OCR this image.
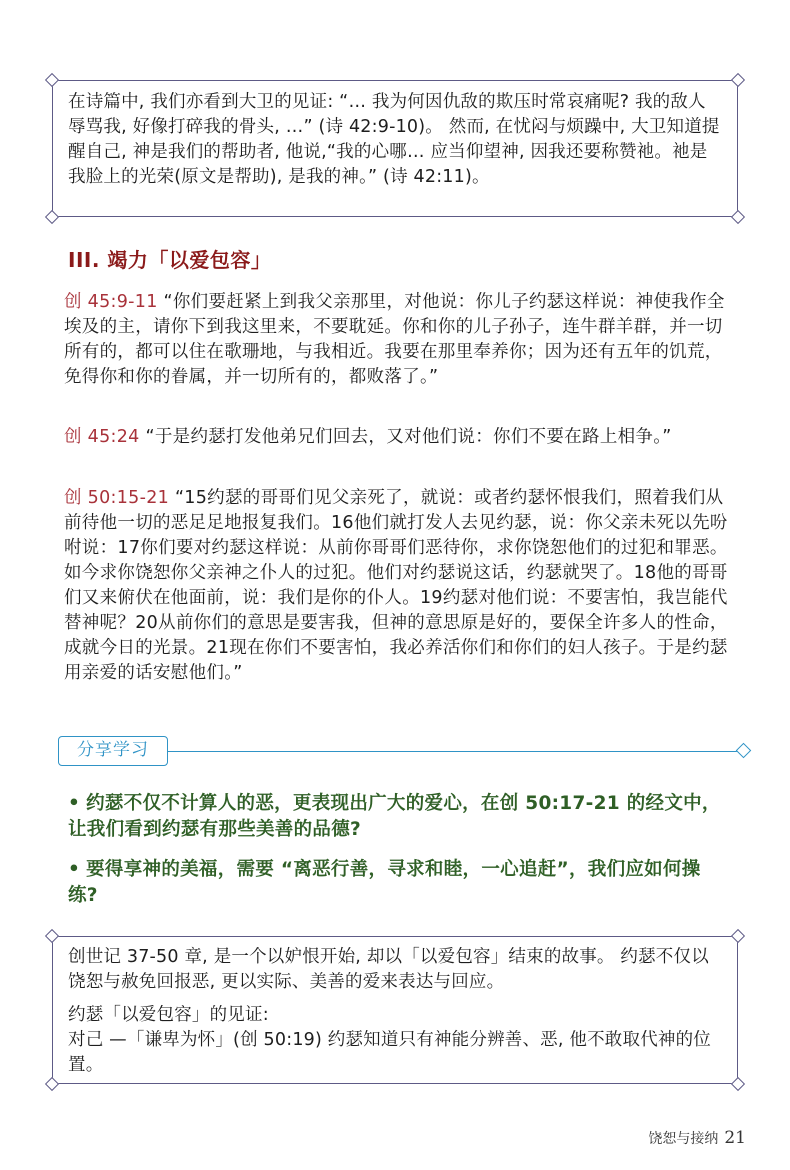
在诗篇中, 我们亦看到大卫的见证: “… 我为何因仇敌的欺压时常哀痛呢? 我的敌人辱骂我, 好像打碎我的骨头, …” (诗 42:9-10)。 然而, 在忧闷与烦躁中, 大卫知道提醒自己, 神是我们的帮助者, 他说,“我的心哪… 应当仰望神, 因我还要称赞祂。祂是我脸上的光荣(原文是帮助), 是我的神。” (诗 42:11)。

III. 竭力「以爱包容」

创 45:9-11 “你们要赶紧上到我父亲那里，对他说：你儿子约瑟这样说：神使我作全埃及的主，请你下到我这里来，不要耽延。你和你的儿子孙子，连牛群羊群，并一切所有的，都可以住在歌珊地，与我相近。我要在那里奉养你；因为还有五年的饥荒，免得你和你的眷属，并一切所有的，都败落了。”

创 45:24 “于是约瑟打发他弟兄们回去，又对他们说：你们不要在路上相争。”

创 50:15-21 “15约瑟的哥哥们见父亲死了，就说：或者约瑟怀恨我们，照着我们从前待他一切的恶足足地报复我们。16他们就打发人去见约瑟，说：你父亲未死以先吩咐说：17你们要对约瑟这样说：从前你哥哥们恶待你，求你饶恕他们的过犯和罪恶。如今求你饶恕你父亲神之仆人的过犯。他们对约瑟说这话，约瑟就哭了。18他的哥哥们又来俯伏在他面前，说：我们是你的仆人。19约瑟对他们说：不要害怕，我岂能代替神呢？20从前你们的意思是要害我，但神的意思原是好的，要保全许多人的性命，成就今日的光景。21现在你们不要害怕，我必养活你们和你们的妇人孩子。于是约瑟用亲爱的话安慰他们。”

分享学习

• 约瑟不仅不计算人的恶，更表现出广大的爱心，在创 50:17-21 的经文中，让我们看到约瑟有那些美善的品德?

• 要得享神的美福，需要 “离恶行善，寻求和睦，一心追赶”，我们应如何操练?

创世记 37-50 章, 是一个以妒恨开始, 却以「以爱包容」结束的故事。 约瑟不仅以饶恕与赦免回报恶, 更以实际、美善的爱来表达与回应。

约瑟「以爱包容」的见证:

对己 —「谦卑为怀」(创 50:19) 约瑟知道只有神能分辨善、恶, 他不敢取代神的位置。

饶恕与接纳 21
